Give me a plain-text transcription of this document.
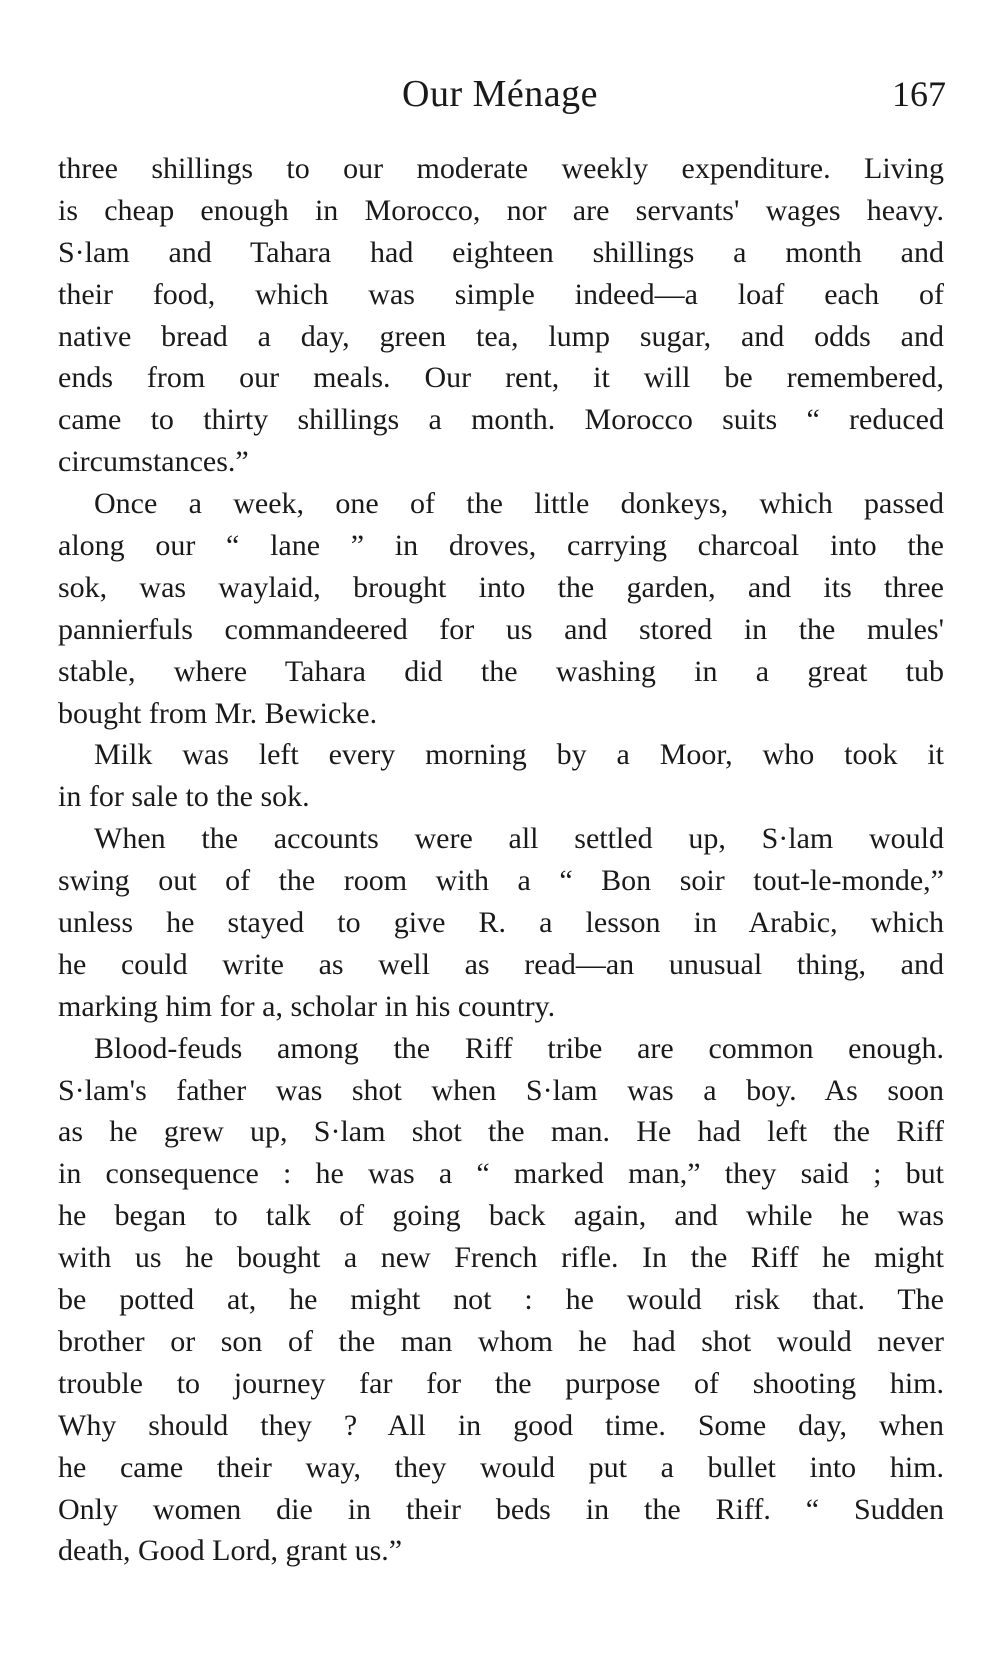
Our Ménage	167
three shillings to our moderate weekly expenditure. Living
is cheap enough in Morocco, nor are servants' wages heavy.
S·lam and Tahara had eighteen shillings a month and
their food, which was simple indeed—a loaf each of
native bread a day, green tea, lump sugar, and odds and
ends from our meals. Our rent, it will be remembered,
came to thirty shillings a month. Morocco suits “ reduced
circumstances.”
Once a week, one of the little donkeys, which passed
along our “ lane ” in droves, carrying charcoal into the
sok, was waylaid, brought into the garden, and its three
pannierfuls commandeered for us and stored in the mules'
stable, where Tahara did the washing in a great tub
bought from Mr. Bewicke.
Milk was left every morning by a Moor, who took it
in for sale to the sok.
When the accounts were all settled up, S·lam would
swing out of the room with a “ Bon soir tout-le-monde,”
unless he stayed to give R. a lesson in Arabic, which
he could write as well as read—an unusual thing, and
marking him for a, scholar in his country.
Blood-feuds among the Riff tribe are common enough.
S·lam's father was shot when S·lam was a boy. As soon
as he grew up, S·lam shot the man. He had left the Riff
in consequence : he was a “ marked man,” they said ; but
he began to talk of going back again, and while he was
with us he bought a new French rifle. In the Riff he might
be potted at, he might not : he would risk that. The
brother or son of the man whom he had shot would never
trouble to journey far for the purpose of shooting him.
Why should they ? All in good time. Some day, when
he came their way, they would put a bullet into him.
Only women die in their beds in the Riff. “ Sudden
death, Good Lord, grant us.”
